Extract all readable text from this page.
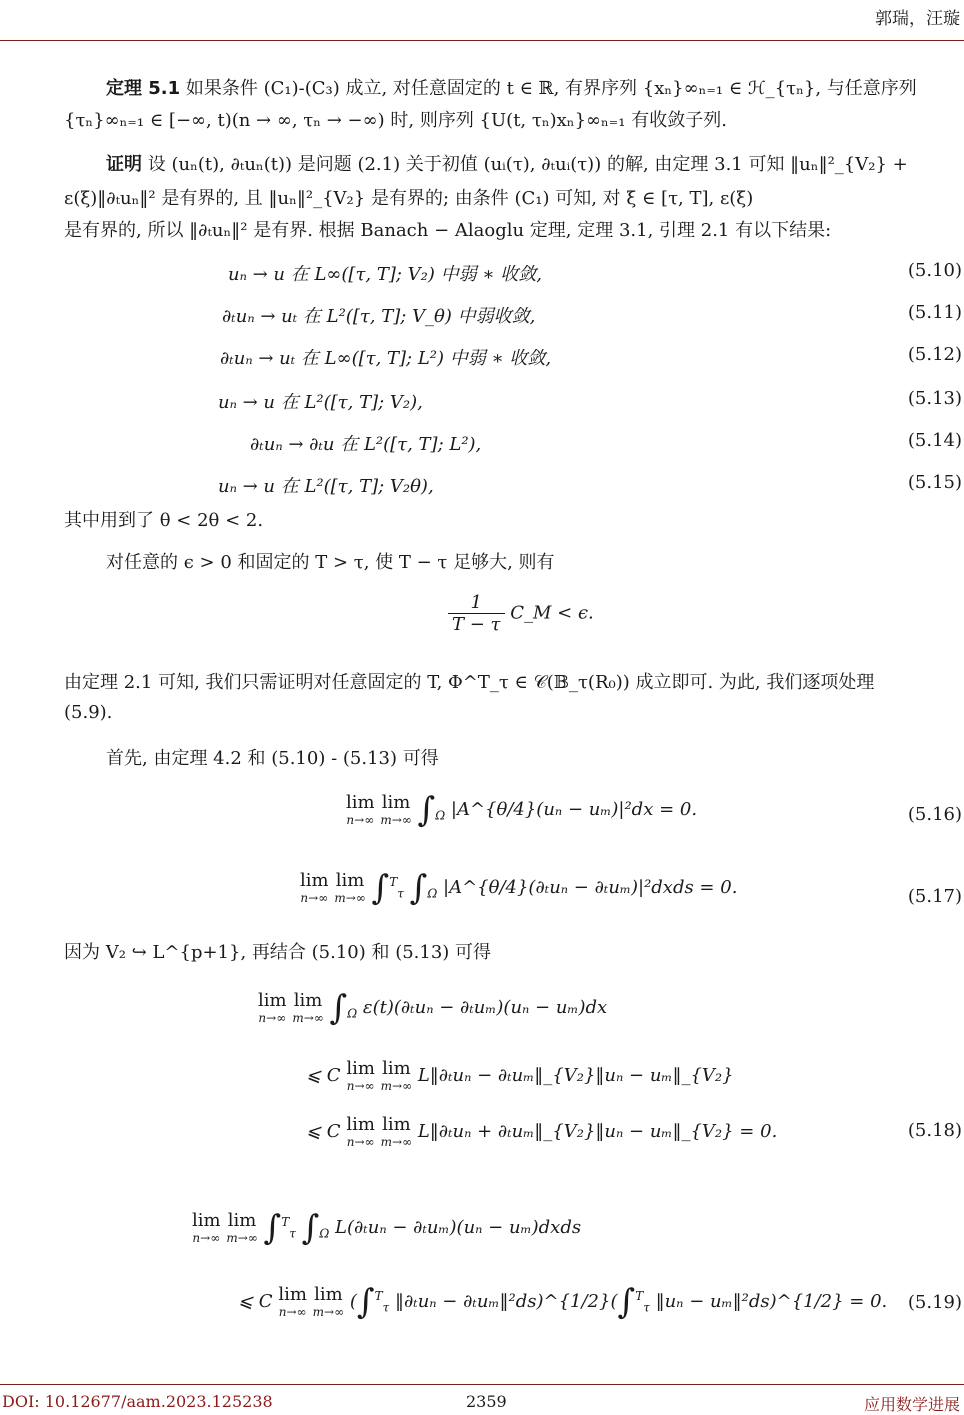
郭瑞，汪璇
定理 5.1 如果条件 (C₁)-(C₃) 成立, 对任意固定的 t ∈ ℝ, 有界序列 {xₙ}∞ₙ₌₁ ∈ ℋ_{τₙ}, 与任意序列
{τₙ}∞ₙ₌₁ ∈ [−∞, t)(n → ∞, τₙ → −∞) 时, 则序列 {U(t, τₙ)xₙ}∞ₙ₌₁ 有收敛子列.
证明 设 (uₙ(t), ∂ₜuₙ(t)) 是问题 (2.1) 关于初值 (uᵢ(τ), ∂ₜuᵢ(τ)) 的解, 由定理 3.1 可知 ‖uₙ‖²_{V₂} +
ε(ξ)‖∂ₜuₙ‖² 是有界的, 且 ‖uₙ‖²_{V₂} 是有界的; 由条件 (C₁) 可知, 对 ξ ∈ [τ, T], ε(ξ)
是有界的, 所以 ‖∂ₜuₙ‖² 是有界. 根据 Banach − Alaoglu 定理, 定理 3.1, 引理 2.1 有以下结果:
uₙ → u 在 L∞([τ, T]; V₂) 中弱 ∗ 收敛,	(5.10)
∂ₜuₙ → uₜ 在 L²([τ, T]; V_θ) 中弱收敛,	(5.11)
∂ₜuₙ → uₜ 在 L∞([τ, T]; L²) 中弱 ∗ 收敛,	(5.12)
uₙ → u 在 L²([τ, T]; V₂),	(5.13)
∂ₜuₙ → ∂ₜu 在 L²([τ, T]; L²),	(5.14)
uₙ → u 在 L²([τ, T]; V₂θ),	(5.15)
其中用到了 θ < 2θ < 2.
对任意的 ϵ > 0 和固定的 T > τ, 使 T − τ 足够大, 则有
$\frac{1}{T - \tau}$ C_M < ϵ.
由定理 2.1 可知, 我们只需证明对任意固定的 T, Φ^T_τ ∈ 𝒞(𝔹_τ(R₀)) 成立即可. 为此, 我们逐项处理
(5.9).
首先, 由定理 4.2 和 (5.10) - (5.13) 可得
lim
n→∞

lim
m→∞ $\int_\Omega$ |A^{θ/4}(uₙ − uₘ)|²dx = 0.	(5.16)
lim
n→∞

lim
m→∞ ∫$^T_\tau$ $\int_\Omega$ |A^{θ/4}(∂ₜuₙ − ∂ₜuₘ)|²dxds = 0.	(5.17)
因为 V₂ ↪ L^{p+1}, 再结合 (5.10) 和 (5.13) 可得
lim
n→∞

lim
m→∞ $\int_\Omega$ ε(t)(∂ₜuₙ − ∂ₜuₘ)(uₙ − uₘ)dx
⩽ C lim
n→∞

lim
m→∞ L‖∂ₜuₙ − ∂ₜuₘ‖_{V₂}‖uₙ − uₘ‖_{V₂}
⩽ C lim
n→∞

lim
m→∞ L‖∂ₜuₙ + ∂ₜuₘ‖_{V₂}‖uₙ − uₘ‖_{V₂} = 0.	(5.18)
lim
n→∞

lim
m→∞ ∫$^T_\tau$ $\int_\Omega$ L(∂ₜuₙ − ∂ₜuₘ)(uₙ − uₘ)dxds
⩽ C lim
n→∞

lim
m→∞ (∫$^T_\tau$ ‖∂ₜuₙ − ∂ₜuₘ‖²ds)^{1/2}(∫$^T_\tau$ ‖uₙ − uₘ‖²ds)^{1/2} = 0. (5.19)
DOI: 10.12677/aam.2023.125238	2359	应用数学进展
